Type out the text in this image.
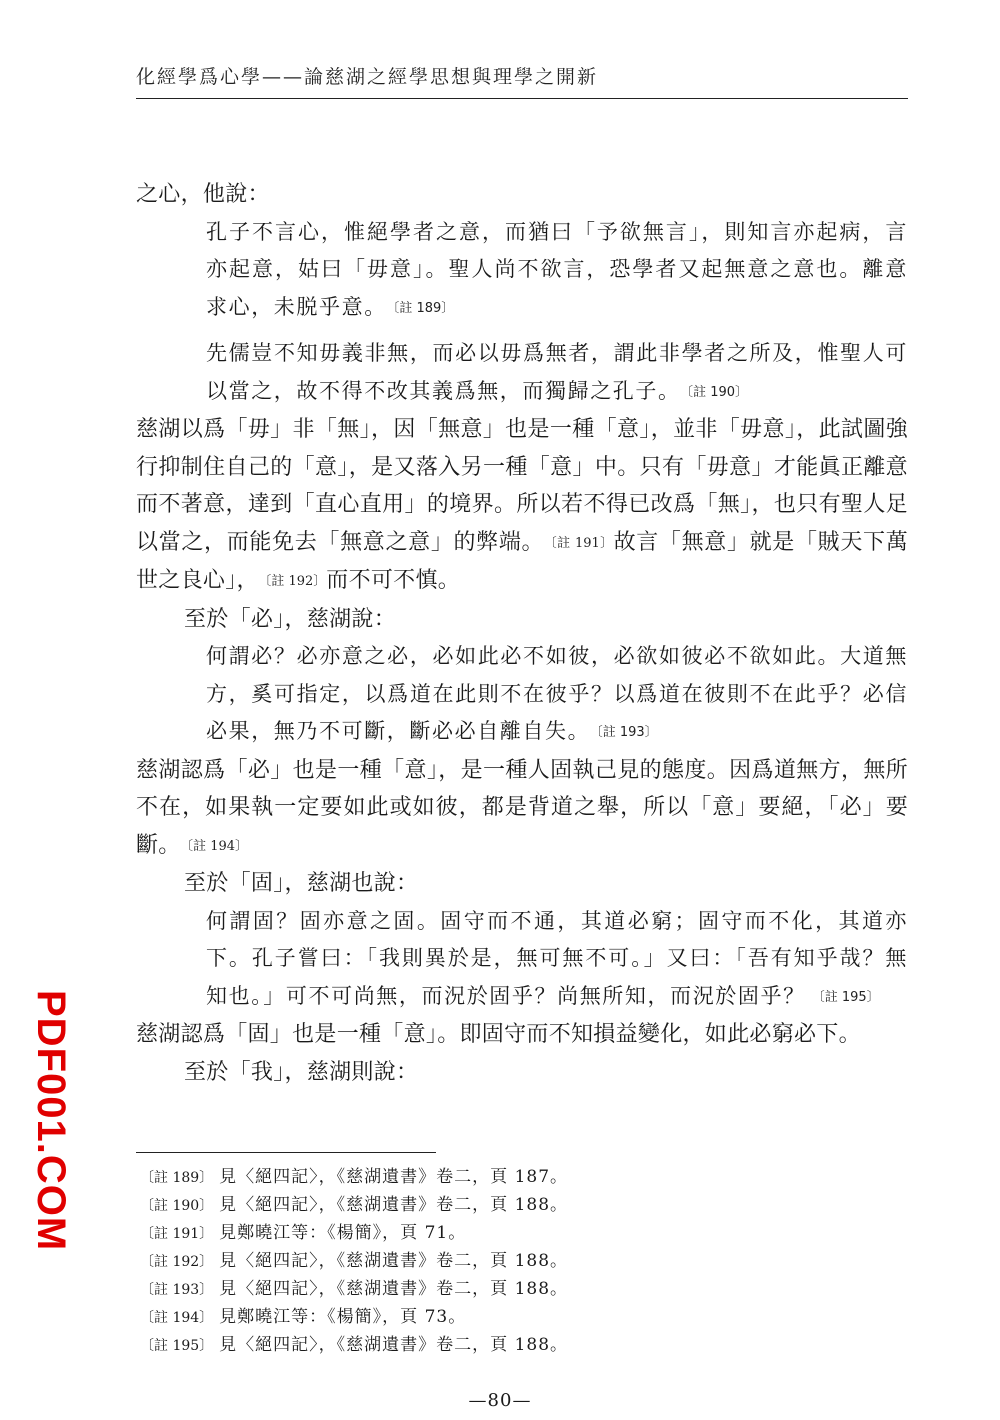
化經學爲心學——論慈湖之經學思想與理學之開新

之心，他說：

孔子不言心，惟絕學者之意，而猶曰「予欲無言」，則知言亦起病，言亦起意，姑曰「毋意」。聖人尚不欲言，恐學者又起無意之意也。離意求心，未脱乎意。 〔註 189〕

先儒豈不知毋義非無，而必以毋爲無者，謂此非學者之所及，惟聖人可以當之，故不得不改其義爲無，而獨歸之孔子。 〔註 190〕

慈湖以爲「毋」非「無」，因「無意」也是一種「意」，並非「毋意」，此試圖強行抑制住自己的「意」，是又落入另一種「意」中。只有「毋意」才能眞正離意而不著意，達到「直心直用」的境界。所以若不得已改爲「無」，也只有聖人足以當之，而能免去「無意之意」的弊端。 〔註 191〕故言「無意」就是「賊天下萬世之良心」， 〔註 192〕而不可不慎。

至於「必」，慈湖說：

何謂必？必亦意之必，必如此必不如彼，必欲如彼必不欲如此。大道無方，奚可指定，以爲道在此則不在彼乎？以爲道在彼則不在此乎？必信必果，無乃不可斷，斷必必自離自失。 〔註 193〕

慈湖認爲「必」也是一種「意」，是一種人固執己見的態度。因爲道無方，無所不在，如果執一定要如此或如彼，都是背道之舉，所以「意」要絕，「必」要斷。 〔註 194〕

至於「固」，慈湖也說：

何謂固？固亦意之固。固守而不通，其道必窮；固守而不化，其道亦下。孔子嘗曰：「我則異於是，無可無不可。」又曰：「吾有知乎哉？無知也。」可不可尚無，而況於固乎？尚無所知，而況於固乎？ 〔註 195〕

慈湖認爲「固」也是一種「意」。即固守而不知損益變化，如此必窮必下。

至於「我」，慈湖則說：

〔註 189〕 見〈絕四記〉，《慈湖遺書》卷二，頁 187。
〔註 190〕 見〈絕四記〉，《慈湖遺書》卷二，頁 188。
〔註 191〕 見鄭曉江等：《楊簡》，頁 71。
〔註 192〕 見〈絕四記〉，《慈湖遺書》卷二，頁 188。
〔註 193〕 見〈絕四記〉，《慈湖遺書》卷二，頁 188。
〔註 194〕 見鄭曉江等：《楊簡》，頁 73。
〔註 195〕 見〈絕四記〉，《慈湖遺書》卷二，頁 188。
PDF001.COM
—80—
